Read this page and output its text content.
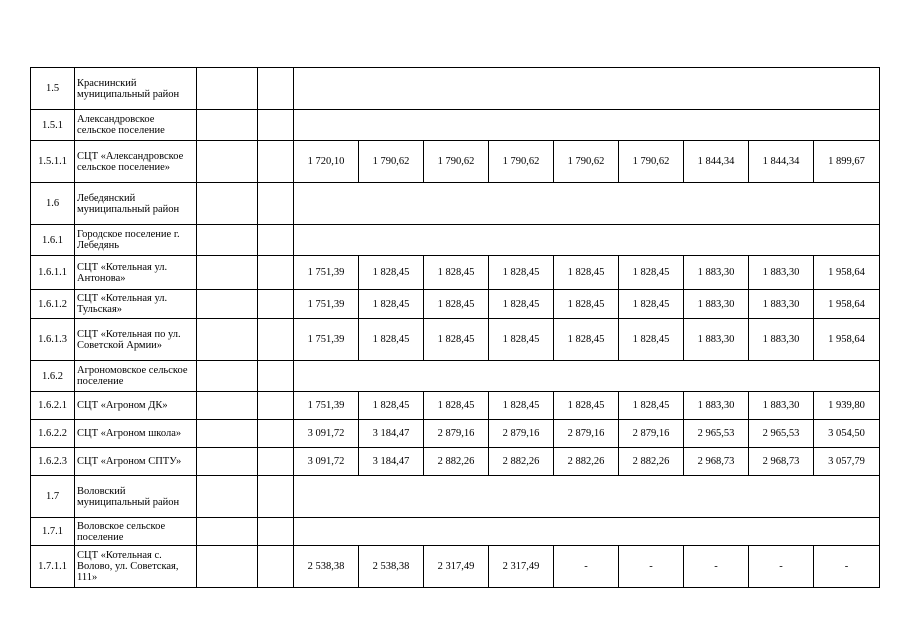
1.5	Краснинский муниципальный район											
1.5.1	Александровское сельское поселение											
1.5.1.1	СЦТ «Александровское сельское поселение»			1 720,10	1 790,62	1 790,62	1 790,62	1 790,62	1 790,62	1 844,34	1 844,34	1 899,67
1.6	Лебедянский муниципальный район											
1.6.1	Городское поселение г. Лебедянь											
1.6.1.1	СЦТ «Котельная ул. Антонова»			1 751,39	1 828,45	1 828,45	1 828,45	1 828,45	1 828,45	1 883,30	1 883,30	1 958,64
1.6.1.2	СЦТ «Котельная ул. Тульская»			1 751,39	1 828,45	1 828,45	1 828,45	1 828,45	1 828,45	1 883,30	1 883,30	1 958,64
1.6.1.3	СЦТ «Котельная по ул. Советской Армии»			1 751,39	1 828,45	1 828,45	1 828,45	1 828,45	1 828,45	1 883,30	1 883,30	1 958,64
1.6.2	Агрономовское сельское поселение											
1.6.2.1	СЦТ «Агроном ДК»			1 751,39	1 828,45	1 828,45	1 828,45	1 828,45	1 828,45	1 883,30	1 883,30	1 939,80
1.6.2.2	СЦТ «Агроном школа»			3 091,72	3 184,47	2 879,16	2 879,16	2 879,16	2 879,16	2 965,53	2 965,53	3 054,50
1.6.2.3	СЦТ «Агроном СПТУ»			3 091,72	3 184,47	2 882,26	2 882,26	2 882,26	2 882,26	2 968,73	2 968,73	3 057,79
1.7	Воловский муниципальный район											
1.7.1	Воловское сельское поселение											
1.7.1.1	СЦТ «Котельная с. Волово, ул. Советская, 111»			2 538,38	2 538,38	2 317,49	2 317,49	-	-	-	-	-
